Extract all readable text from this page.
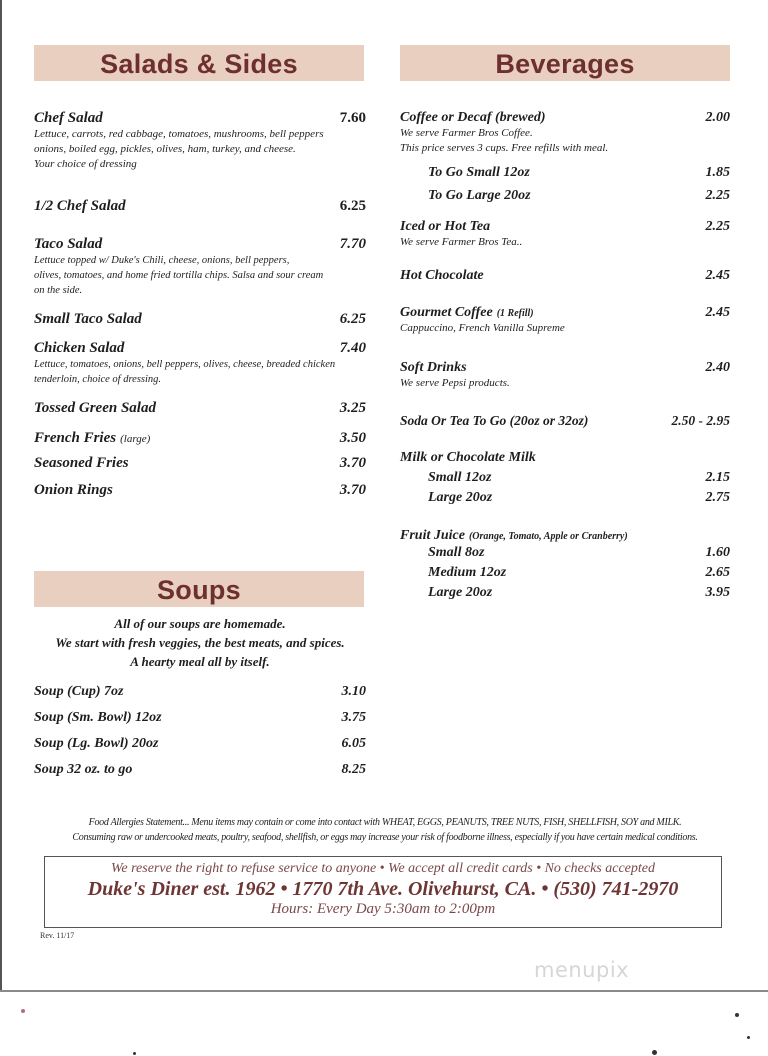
Salads & Sides
Chef Salad	7.60
Lettuce, carrots, red cabbage, tomatoes, mushrooms, bell peppers
onions, boiled egg, pickles, olives, ham, turkey, and cheese.
Your choice of dressing
1/2 Chef Salad	6.25
Taco Salad	7.70
Lettuce topped w/ Duke's Chili, cheese, onions, bell peppers,
olives, tomatoes, and home fried tortilla chips. Salsa and sour cream
on the side.
Small Taco Salad	6.25
Chicken Salad	7.40
Lettuce, tomatoes, onions, bell peppers, olives, cheese, breaded chicken
tenderloin, choice of dressing.
Tossed Green Salad	3.25
French Fries (large)	3.50
Seasoned Fries	3.70
Onion Rings	3.70
Soups
All of our soups are homemade.
We start with fresh veggies, the best meats, and spices.
A hearty meal all by itself.
Soup (Cup) 7oz	3.10
Soup (Sm. Bowl) 12oz	3.75
Soup (Lg. Bowl) 20oz	6.05
Soup 32 oz. to go	8.25
Beverages
Coffee or Decaf (brewed)	2.00
We serve Farmer Bros Coffee.
This price serves 3 cups. Free refills with meal.
To Go Small 12oz	1.85
To Go Large 20oz	2.25
Iced or Hot Tea	2.25
We serve Farmer Bros Tea..
Hot Chocolate	2.45
Gourmet Coffee (1 Refill)	2.45
Cappuccino, French Vanilla Supreme
Soft Drinks	2.40
We serve Pepsi products.
Soda Or Tea To Go (20oz or 32oz)	2.50 - 2.95
Milk or Chocolate Milk
Small 12oz	2.15
Large 20oz	2.75
Fruit Juice (Orange, Tomato, Apple or Cranberry)
Small 8oz	1.60
Medium 12oz	2.65
Large 20oz	3.95
Food Allergies Statement... Menu items may contain or come into contact with WHEAT, EGGS, PEANUTS, TREE NUTS, FISH, SHELLFISH, SOY and MILK.
Consuming raw or undercooked meats, poultry, seafood, shellfish, or eggs may increase your risk of foodborne illness, especially if you have certain medical conditions.
We reserve the right to refuse service to anyone • We accept all credit cards • No checks accepted
Duke's Diner est. 1962 • 1770 7th Ave. Olivehurst, CA. • (530) 741-2970
Hours: Every Day 5:30am to 2:00pm
Rev. 11/17
menupix
